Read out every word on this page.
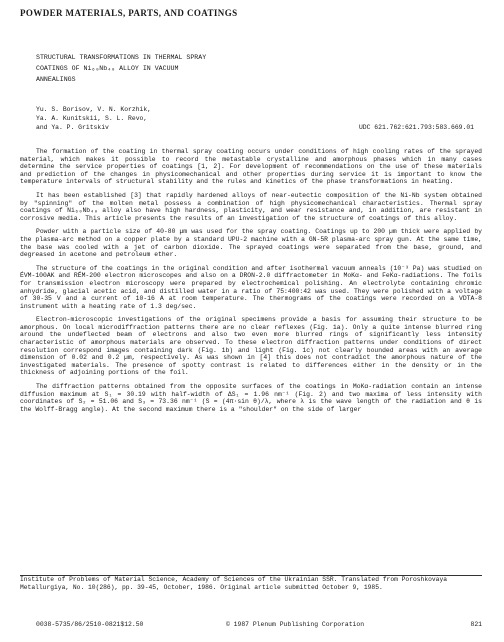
POWDER MATERIALS, PARTS, AND COATINGS
STRUCTURAL TRANSFORMATIONS IN THERMAL SPRAY
COATINGS OF Ni₆₀Nb₄₀ ALLOY IN VACUUM
ANNEALINGS
Yu. S. Borisov, V. N. Korzhik,
Ya. A. Kunitskii, S. L. Revo,
and Ya. P. Gritskiv	UDC 621.762:621.793:583.669.01

The formation of the coating in thermal spray coating occurs under conditions of high cooling rates of the sprayed material, which makes it possible to record the metastable crystalline and amorphous phases which in many cases determine the service properties of coatings [1, 2]. For development of recommendations on the use of these materials and prediction of the changes in physicomechanical and other properties during service it is important to know the temperature intervals of structural stability and the rules and kinetics of the phase transformations in heating.

It has been established [3] that rapidly hardened alloys of near-eutectic composition of the Ni-Nb system obtained by "spinning" of the molten metal possess a combination of high physicomechanical characteristics. Thermal spray coatings of Ni₆₀Nb₄₀ alloy also have high hardness, plasticity, and wear resistance and, in addition, are resistant in corrosive media. This article presents the results of an investigation of the structure of coatings of this alloy.

Powder with a particle size of 40-80 µm was used for the spray coating. Coatings up to 200 µm thick were applied by the plasma-arc method on a copper plate by a standard UPU-2 machine with a GN-5R plasma-arc spray gun. At the same time, the base was cooled with a jet of carbon dioxide. The sprayed coatings were separated from the base, ground, and degreased in acetone and petroleum ether.

The structure of the coatings in the original condition and after isothermal vacuum anneals (10⁻³ Pa) was studied on ÉVM-100AK and RÉM-200 electron microscopes and also on a DRON-2.0 diffractometer in MoKα- and FeKα-radiations. The foils for transmission electron microscopy were prepared by electrochemical polishing. An electrolyte containing chromic anhydride, glacial acetic acid, and distilled water in a ratio of 75:400:42 was used. They were polished with a voltage of 30-35 V and a current of 10-16 A at room temperature. The thermograms of the coatings were recorded on a VDTA-8 instrument with a heating rate of 1.3 deg/sec.

Electron-microscopic investigations of the original specimens provide a basis for assuming their structure to be amorphous. On local microdiffraction patterns there are no clear reflexes (Fig. 1a). Only a quite intense blurred ring around the undeflected beam of electrons and also two even more blurred rings of significantly less intensity characteristic of amorphous materials are observed. To these electron diffraction patterns under conditions of direct resolution correspond images containing dark (Fig. 1b) and light (Fig. 1c) not clearly bounded areas with an average dimension of 0.02 and 0.2 µm, respectively. As was shown in [4] this does not contradict the amorphous nature of the investigated materials. The presence of spotty contrast is related to differences either in the density or in the thickness of adjoining portions of the foil.

The diffraction patterns obtained from the opposite surfaces of the coatings in MoKα-radiation contain an intense diffusion maximum at S₁ = 30.19 with half-width of ΔS₁ = 1.96 nm⁻¹ (Fig. 2) and two maxima of less intensity with coordinates of S₂ = 51.06 and S₃ = 73.36 nm⁻¹ (S = (4π·sin θ)/λ, where λ is the wave length of the radiation and θ is the Wolff-Bragg angle). At the second maximum there is a "shoulder" on the side of larger

Institute of Problems of Material Science, Academy of Sciences of the Ukrainian SSR. Translated from Poroshkovaya Metallurgiya, No. 10(286), pp. 39-45, October, 1986. Original article submitted October 9, 1985.
0038-5735/86/2510-0821$12.50	© 1987 Plenum Publishing Corporation	821
